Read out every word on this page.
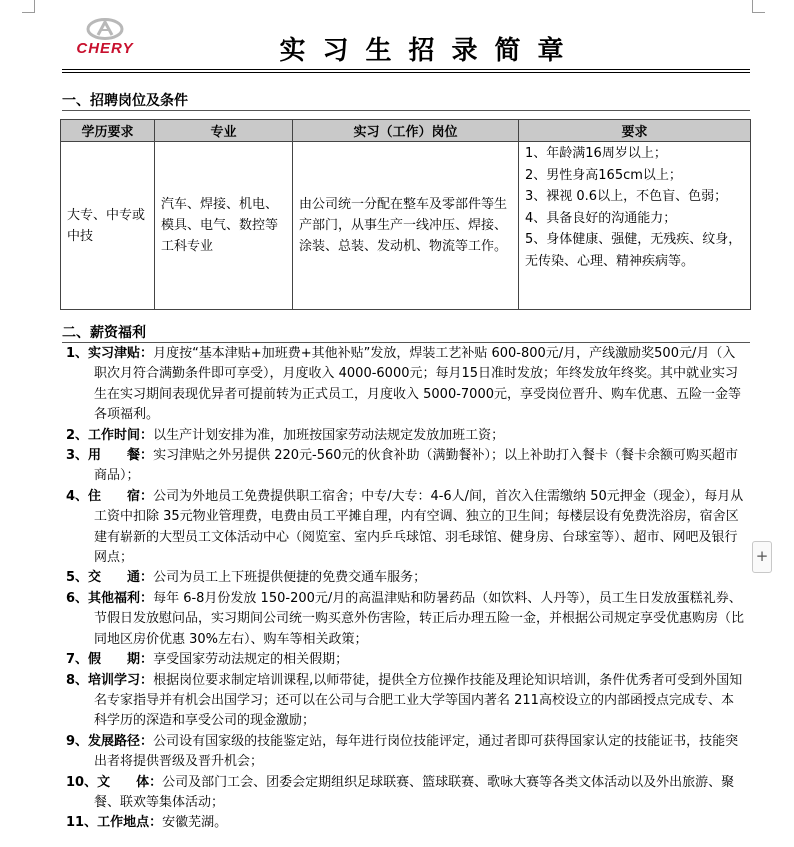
CHERY	实习生招录简章
一、招聘岗位及条件
学历要求	专业	实习（工作）岗位	要求
大专、中专或中技	汽车、焊接、机电、模具、电气、数控等工科专业	由公司统一分配在整车及零部件等生产部门，从事生产一线冲压、焊接、涂装、总装、发动机、物流等工作。	1、年龄满16周岁以上；
2、男性身高165cm以上；
3、裸视 0.6以上，不色盲、色弱；
4、具备良好的沟通能力；
5、身体健康、强健，无残疾、纹身，无传染、心理、精神疾病等。
二、薪资福利

1、实习津贴：月度按“基本津贴+加班费+其他补贴”发放，焊装工艺补贴 600-800元/月，产线激励奖500元/月（入职次月符合满勤条件即可享受），月度收入 4000-6000元；每月15日准时发放；年终发放年终奖。其中就业实习生在实习期间表现优异者可提前转为正式员工，月度收入 5000-7000元，享受岗位晋升、购车优惠、五险一金等各项福利。

2、工作时间：以生产计划安排为准，加班按国家劳动法规定发放加班工资；

3、用　　餐：实习津贴之外另提供 220元-560元的伙食补助（满勤餐补）；以上补助打入餐卡（餐卡余额可购买超市商品）；

4、住　　宿：公司为外地员工免费提供职工宿舍；中专/大专：4-6人/间，首次入住需缴纳 50元押金（现金），每月从工资中扣除 35元物业管理费，电费由员工平摊自理，内有空调、独立的卫生间；每楼层设有免费洗浴房，宿舍区建有崭新的大型员工文体活动中心（阅览室、室内乒乓球馆、羽毛球馆、健身房、台球室等）、超市、网吧及银行网点；

5、交　　通：公司为员工上下班提供便捷的免费交通车服务；

6、其他福利：每年 6-8月份发放 150-200元/月的高温津贴和防暑药品（如饮料、人丹等），员工生日发放蛋糕礼券、节假日发放慰问品，实习期间公司统一购买意外伤害险，转正后办理五险一金，并根据公司规定享受优惠购房（比同地区房价优惠 30%左右）、购车等相关政策；

7、假　　期：享受国家劳动法规定的相关假期；

8、培训学习：根据岗位要求制定培训课程,以师带徒，提供全方位操作技能及理论知识培训，条件优秀者可受到外国知名专家指导并有机会出国学习；还可以在公司与合肥工业大学等国内著名 211高校设立的内部函授点完成专、本科学历的深造和享受公司的现金激励；

9、发展路径：公司设有国家级的技能鉴定站，每年进行岗位技能评定，通过者即可获得国家认定的技能证书，技能突出者将提供晋级及晋升机会；

10、文　　体：公司及部门工会、团委会定期组织足球联赛、篮球联赛、歌咏大赛等各类文体活动以及外出旅游、聚餐、联欢等集体活动；

11、工作地点：安徽芜湖。

+
